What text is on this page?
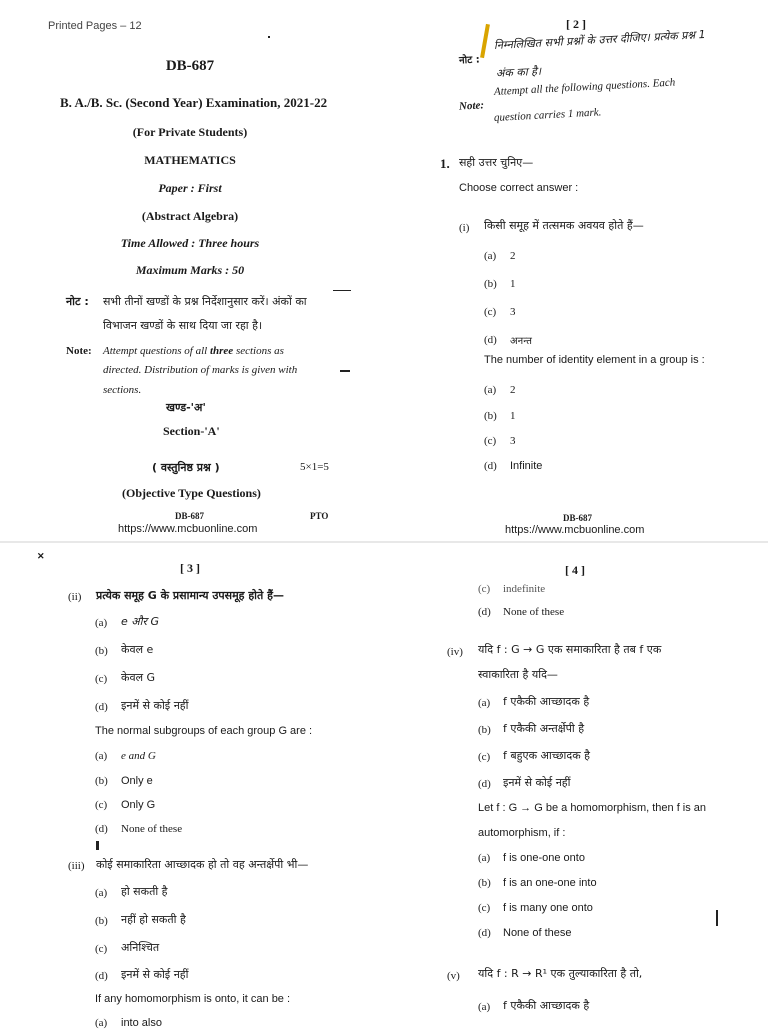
Printed Pages – 12
DB-687
B. A./B. Sc. (Second Year) Examination, 2021-22
(For Private Students)
MATHEMATICS
Paper : First
(Abstract Algebra)
Time Allowed : Three hours
Maximum Marks : 50
नोट : सभी तीनों खण्डों के प्रश्न निर्देशानुसार करें। अंकों का
विभाजन खण्डों के साथ दिया जा रहा है।
Note: Attempt questions of all three sections as
directed. Distribution of marks is given with
sections.
खण्ड-'अ'
Section-'A'
( वस्तुनिष्ठ प्रश्न )	5×1=5
(Objective Type Questions)
DB-687	PTO
https://www.mcbuonline.com
[ 2 ]
नोट :
निम्नलिखित सभी प्रश्नों के उत्तर दीजिए। प्रत्येक प्रश्न 1
अंक का है।
Note:
Attempt all the following questions. Each
question carries 1 mark.
1. सही उत्तर चुनिए—
Choose correct answer :
(i) किसी समूह में तत्समक अवयव होते हैं—
(a) 2
(b) 1
(c) 3
(d) अनन्त
The number of identity element in a group is :
(a) 2
(b) 1
(c) 3
(d) Infinite
DB-687
https://www.mcbuonline.com
✕
[ 3 ]
(ii) प्रत्येक समूह G के प्रसामान्य उपसमूह होते हैं—
(a) e और G
(b) केवल e
(c) केवल G
(d) इनमें से कोई नहीं
The normal subgroups of each group G are :
(a) e and G
(b) Only e
(c) Only G
(d) None of these
(iii) कोई समाकारिता आच्छादक हो तो वह अन्तर्क्षेपी भी—
(a) हो सकती है
(b) नहीं हो सकती है
(c) अनिश्चित
(d) इनमें से कोई नहीं
If any homomorphism is onto, it can be :
(a) into also
[ 4 ]
(c) indefinite
(d) None of these
(iv) यदि f : G → G एक समाकारिता है तब f एक
स्वाकारिता है यदि—
(a) f एकैकी आच्छादक है
(b) f एकैकी अन्तर्क्षेपी है
(c) f बहुएक आच्छादक है
(d) इनमें से कोई नहीं
Let f : G → G be a homomorphism, then f is an
automorphism, if :
(a) f is one-one onto
(b) f is an one-one into
(c) f is many one onto
(d) None of these
(v) यदि f : R → R¹ एक तुल्याकारिता है तो,
(a) f एकैकी आच्छादक है
